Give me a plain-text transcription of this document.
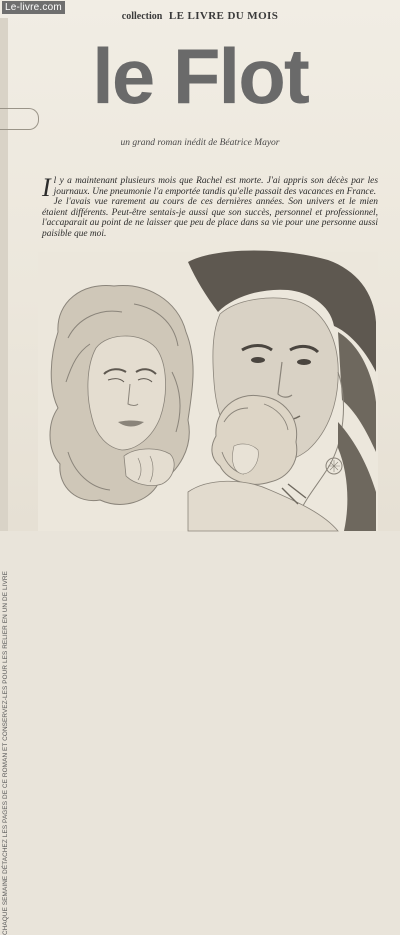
Le-livre.com
collection LE LIVRE DU MOIS
le Flot
un grand roman inédit de Béatrice Mayor
CHAQUE SEMAINE DÉTACHEZ LES PAGES DE CE ROMAN ET CONSERVEZ-LES POUR LES RELIER EN UN DE LIVRE

Il y a maintenant plusieurs mois que Rachel est morte. J'ai appris son décès par les journaux. Une pneumonie l'a emportée tandis qu'elle passait des vacances en France.

Je l'avais vue rarement au cours de ces dernières années. Son univers et le mien étaient différents. Peut-être sentais-je aussi que son succès, personnel et professionnel, l'accaparait au point de ne laisser que peu de place dans sa vie pour une personne aussi paisible que moi.
